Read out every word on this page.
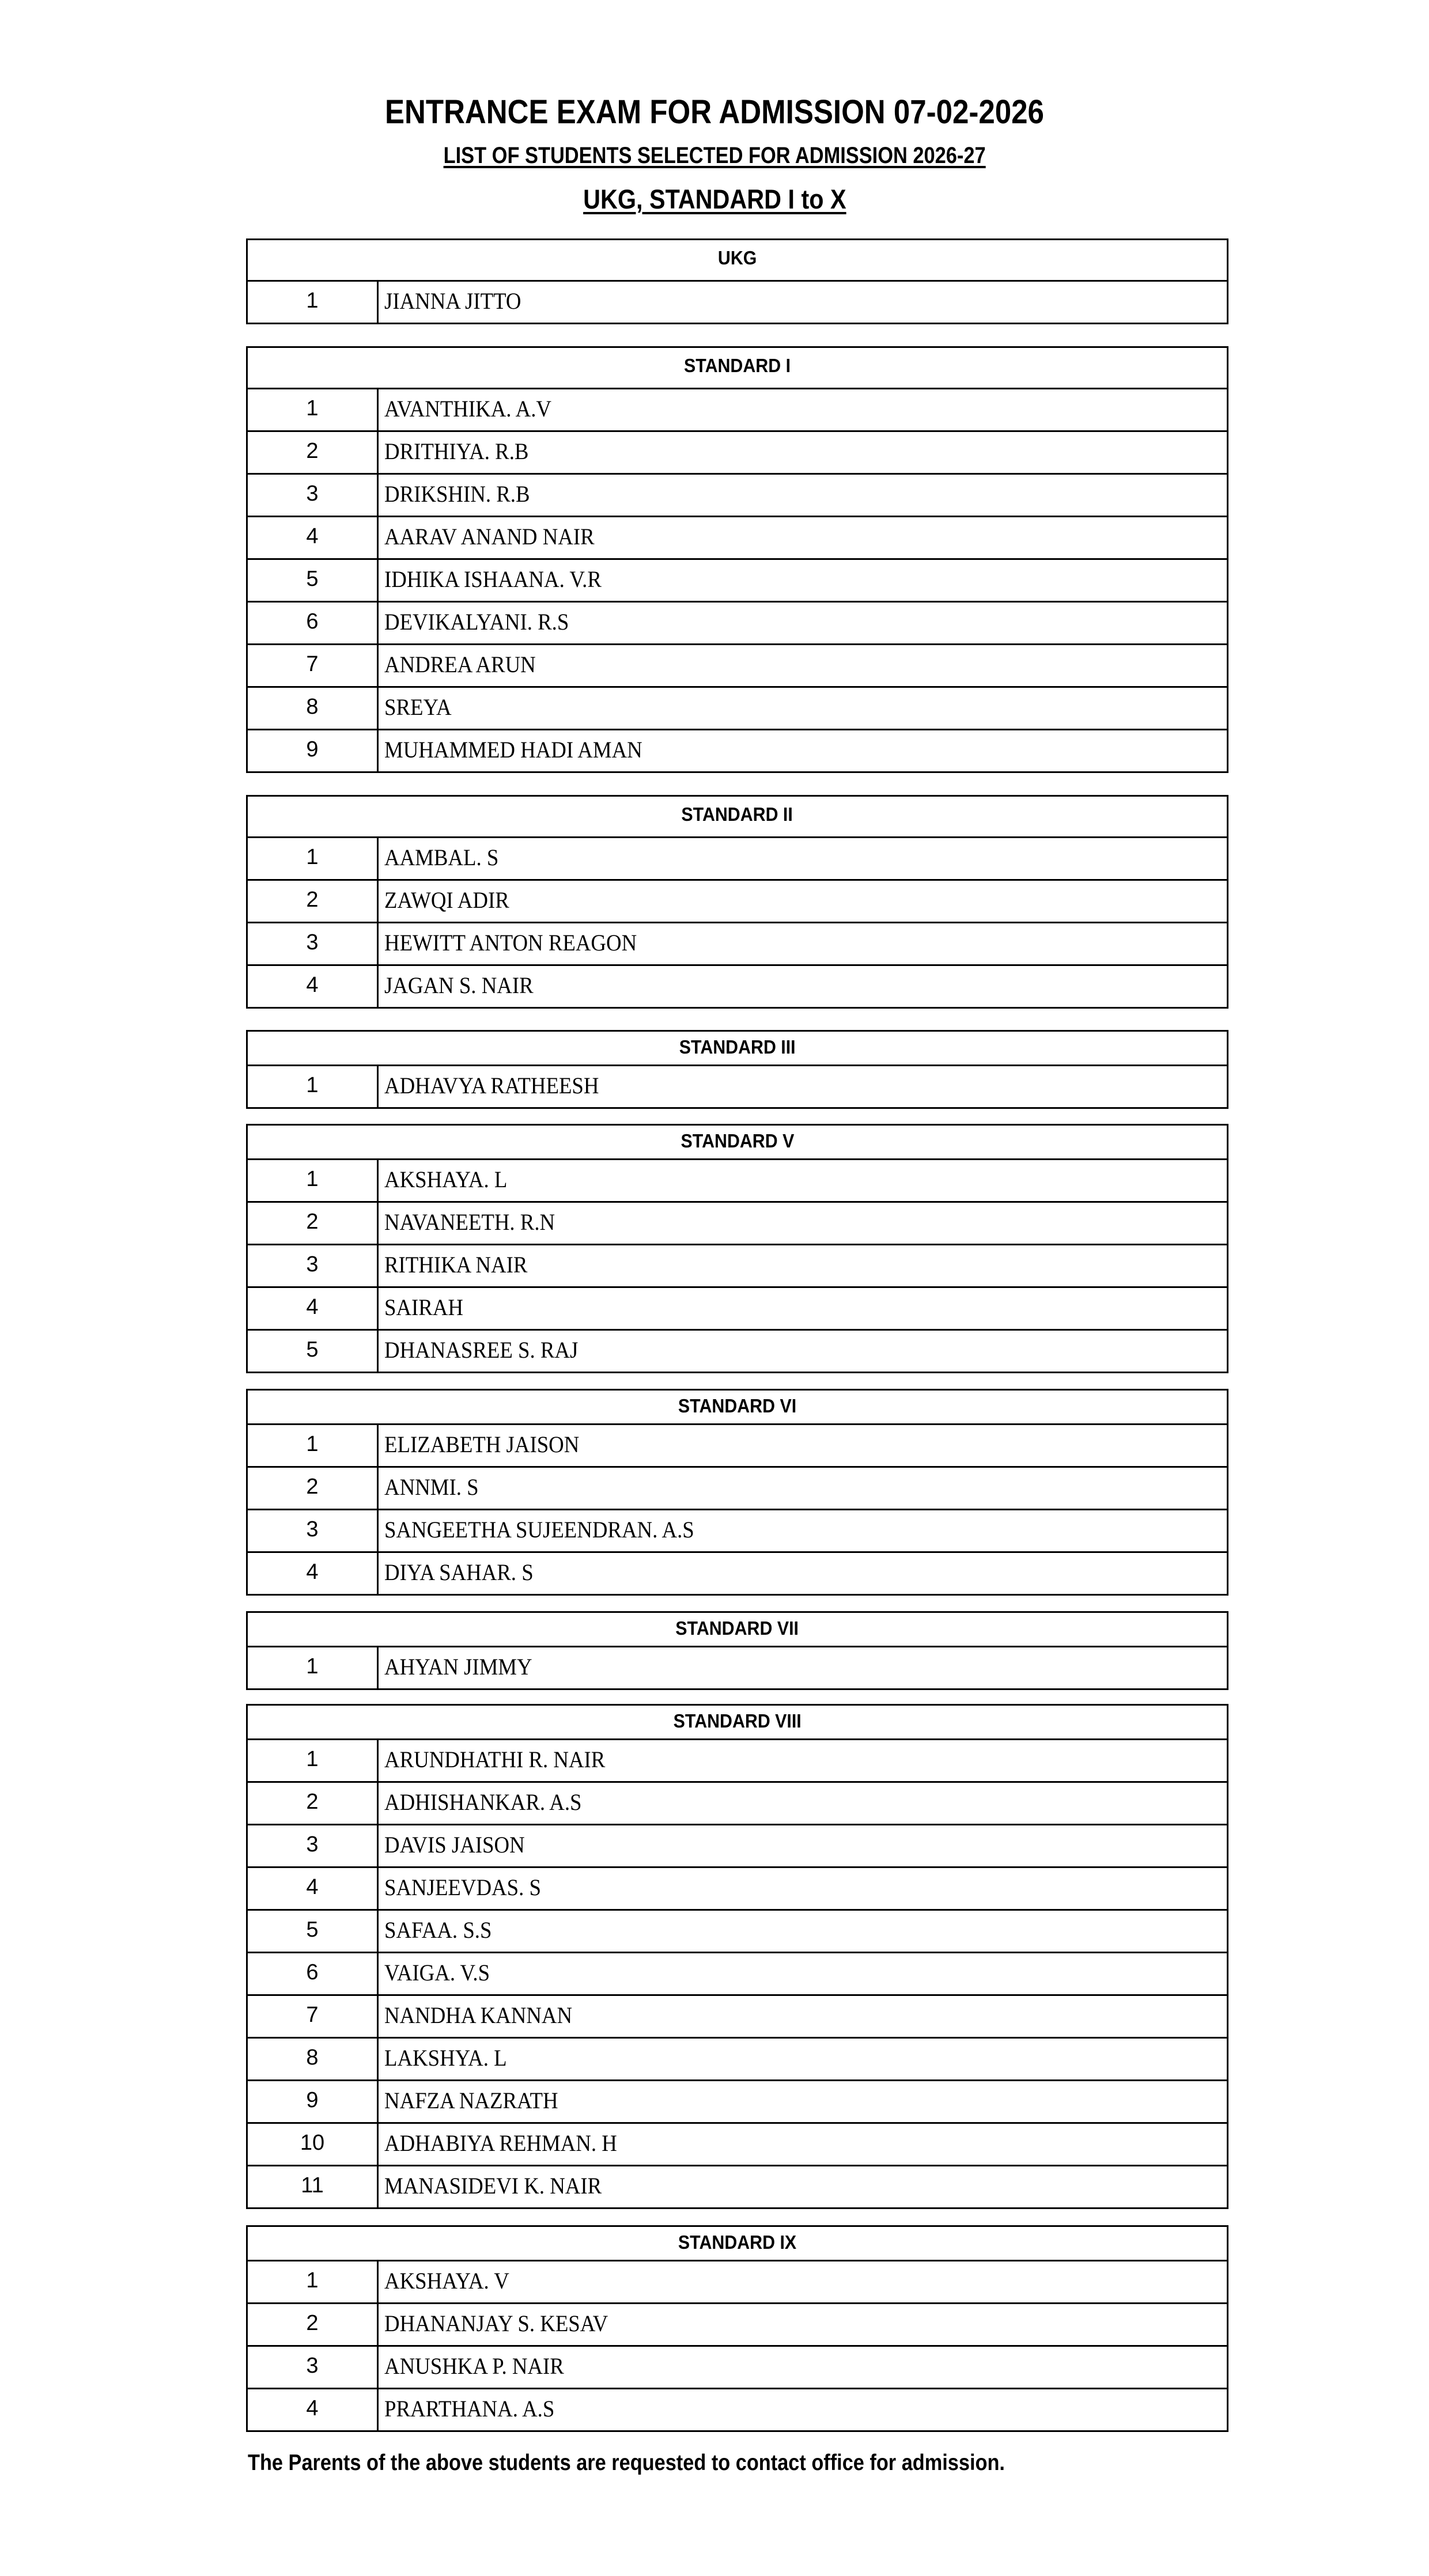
ENTRANCE EXAM FOR ADMISSION 07-02-2026
LIST OF STUDENTS SELECTED FOR ADMISSION 2026-27
UKG, STANDARD I to X
UKG
1	JIANNA JITTO
STANDARD I
1	AVANTHIKA. A.V
2	DRITHIYA. R.B
3	DRIKSHIN. R.B
4	AARAV ANAND NAIR
5	IDHIKA ISHAANA. V.R
6	DEVIKALYANI. R.S
7	ANDREA ARUN
8	SREYA
9	MUHAMMED HADI AMAN
STANDARD II
1	AAMBAL. S
2	ZAWQI ADIR
3	HEWITT ANTON REAGON
4	JAGAN S. NAIR
STANDARD III
1	ADHAVYA RATHEESH
STANDARD V
1	AKSHAYA. L
2	NAVANEETH. R.N
3	RITHIKA NAIR
4	SAIRAH
5	DHANASREE S. RAJ
STANDARD VI
1	ELIZABETH JAISON
2	ANNMI. S
3	SANGEETHA SUJEENDRAN. A.S
4	DIYA SAHAR. S
STANDARD VII
1	AHYAN JIMMY
STANDARD VIII
1	ARUNDHATHI R. NAIR
2	ADHISHANKAR. A.S
3	DAVIS JAISON
4	SANJEEVDAS. S
5	SAFAA. S.S
6	VAIGA. V.S
7	NANDHA KANNAN
8	LAKSHYA. L
9	NAFZA NAZRATH
10	ADHABIYA REHMAN. H
11	MANASIDEVI K. NAIR
STANDARD IX
1	AKSHAYA. V
2	DHANANJAY S. KESAV
3	ANUSHKA P. NAIR
4	PRARTHANA. A.S
The Parents of the above students are requested to contact office for admission.
